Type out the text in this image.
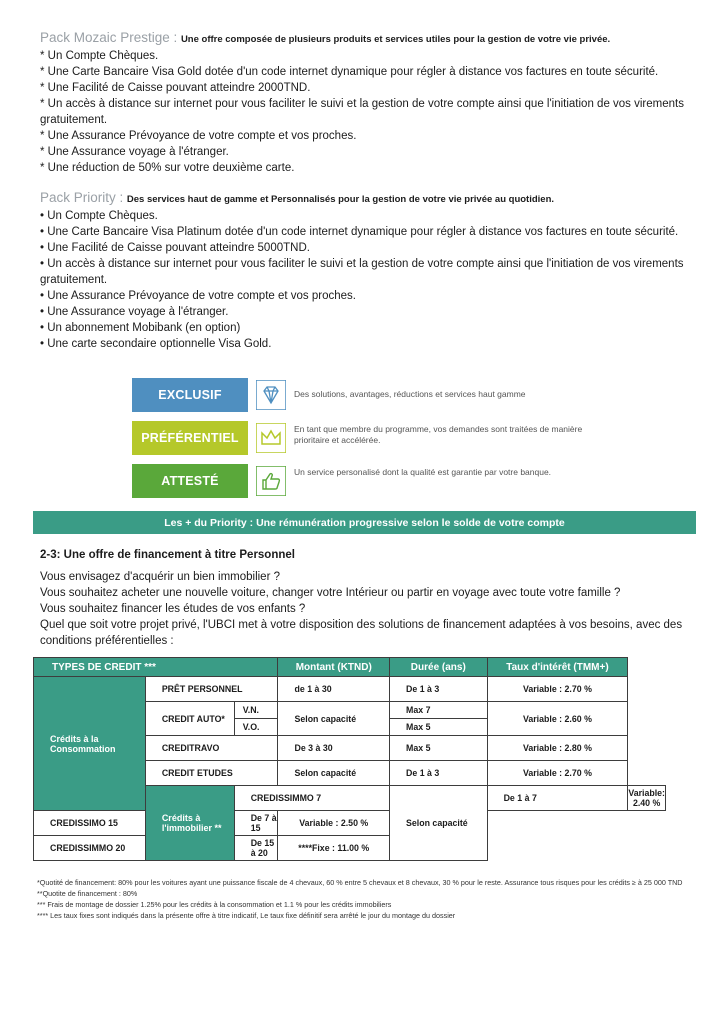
Pack Mozaic Prestige : Une offre composée de plusieurs produits et services utiles pour la gestion de votre vie privée.
* Un Compte Chèques.
* Une Carte Bancaire Visa Gold dotée d'un code internet dynamique pour régler à distance vos factures en toute sécurité.
* Une Facilité de Caisse pouvant atteindre 2000TND.
* Un accès à distance sur internet pour vous faciliter le suivi et la gestion de votre compte ainsi que l'initiation de vos virements gratuitement.
* Une Assurance Prévoyance de votre compte et vos proches.
* Une Assurance voyage à l'étranger.
* Une réduction de 50% sur votre deuxième carte.
Pack Priority : Des services haut de gamme et Personnalisés pour la gestion de votre vie privée au quotidien.
• Un Compte Chèques.
• Une Carte Bancaire Visa Platinum dotée d'un code internet dynamique pour régler à distance vos factures en toute sécurité.
• Une Facilité de Caisse pouvant atteindre 5000TND.
• Un accès à distance sur internet pour vous faciliter le suivi et la gestion de votre compte ainsi que l'initiation de vos virements gratuitement.
• Une Assurance Prévoyance de votre compte et vos proches.
• Une Assurance voyage à l'étranger.
• Un abonnement Mobibank (en option)
• Une carte secondaire optionnelle Visa Gold.
EXCLUSIF	Des solutions, avantages, réductions et services haut gamme
PRÉFÉRENTIEL
En tant que membre du programme, vos demandes sont traitées de manière prioritaire et accélérée.
ATTESTÉ
Un service personalisé dont la qualité est garantie par votre banque.
Les + du Priority : Une rémunération progressive selon le solde de votre compte
2-3: Une offre de financement à titre Personnel
Vous envisagez d'acquérir un bien immobilier ?
Vous souhaitez acheter une nouvelle voiture, changer votre Intérieur ou partir en voyage avec toute votre famille ?
Vous souhaitez financer les études de vos enfants ?
Quel que soit votre projet privé, l'UBCI met à votre disposition des solutions de financement adaptées à vos besoins, avec des conditions préférentielles :
TYPES DE CREDIT ***			Montant (KTND)	Durée (ans)	Taux d'intérêt (TMM+)	
Crédits à la Consommation	PRÊT PERSONNEL		de 1 à 30	De 1 à 3	Variable : 2.70 %	
	CREDIT AUTO*	V.N.	Selon capacité	Max 7	Variable : 2.60 %	
		V.O.		Max 5		
	CREDITRAVO		De 3 à 30	Max 5	Variable : 2.80 %	
	CREDIT ETUDES		Selon capacité	De 1 à 3	Variable : 2.70 %	
	Crédits à l'immobilier **	CREDISSIMMO 7		Selon capacité	De 1 à 7	Variable: 2.40 %
CREDISSIMO 15		De 7 à 15	Variable : 2.50 %			
CREDISSIMMO 20		De 15 à 20	****Fixe : 11.00 %			
*Quotité de financement: 80% pour les voitures ayant une puissance fiscale de 4 chevaux, 60 % entre 5 chevaux et 8 chevaux, 30 % pour le reste. Assurance tous risques pour les crédits ≥ à 25 000 TND
**Quotite de financement : 80%
*** Frais de montage de dossier 1.25% pour les crédits à la consommation et 1.1 % pour les crédits immobiliers
**** Les taux fixes sont indiqués dans la présente offre à titre indicatif, Le taux fixe définitif sera arrêté le jour du montage du dossier
